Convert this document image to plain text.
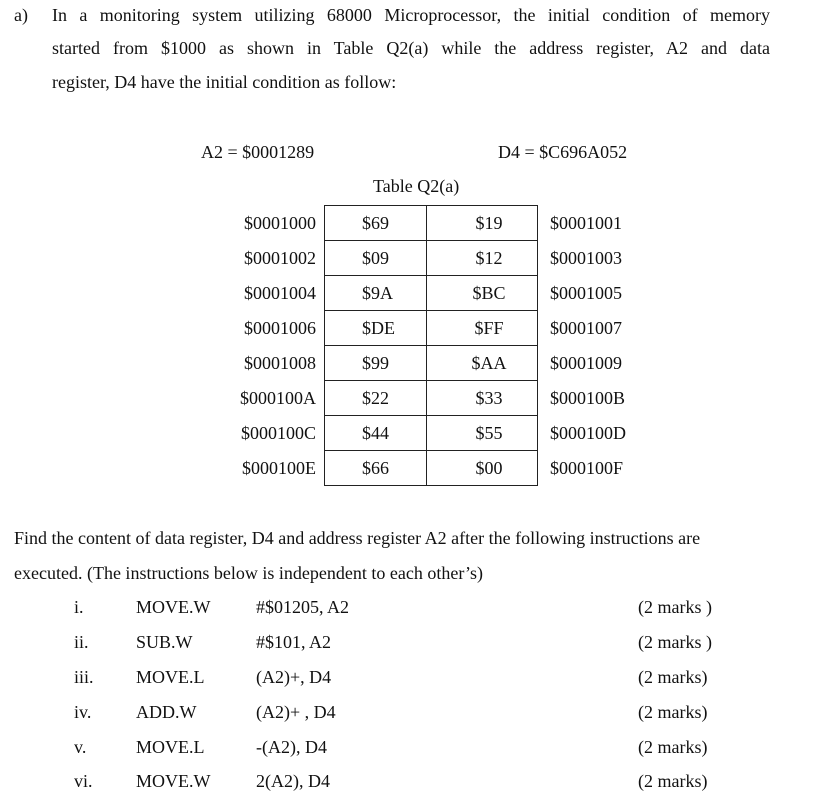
a) In a monitoring system utilizing 68000 Microprocessor, the initial condition of memory
started from $1000 as shown in Table Q2(a) while the address register, A2 and data
register, D4 have the initial condition as follow:
A2 = $0001289	D4 = $C696A052
Table Q2(a)
$0001000	$69	$19	$0001001
$0001002	$09	$12	$0001003
$0001004	$9A	$BC	$0001005
$0001006	$DE	$FF	$0001007
$0001008	$99	$AA	$0001009
$000100A	$22	$33	$000100B
$000100C	$44	$55	$000100D
$000100E	$66	$00	$000100F
Find the content of data register, D4 and address register A2 after the following instructions are
executed. (The instructions below is independent to each other’s)
i.	MOVE.W	#$01205, A2	(2 marks )
ii.	SUB.W	#$101, A2	(2 marks )
iii. MOVE.L	(A2)+, D4	(2 marks)
iv. ADD.W	(A2)+ , D4	(2 marks)
v.	MOVE.L	-(A2), D4	(2 marks)
vi. MOVE.W	2(A2), D4	(2 marks)
